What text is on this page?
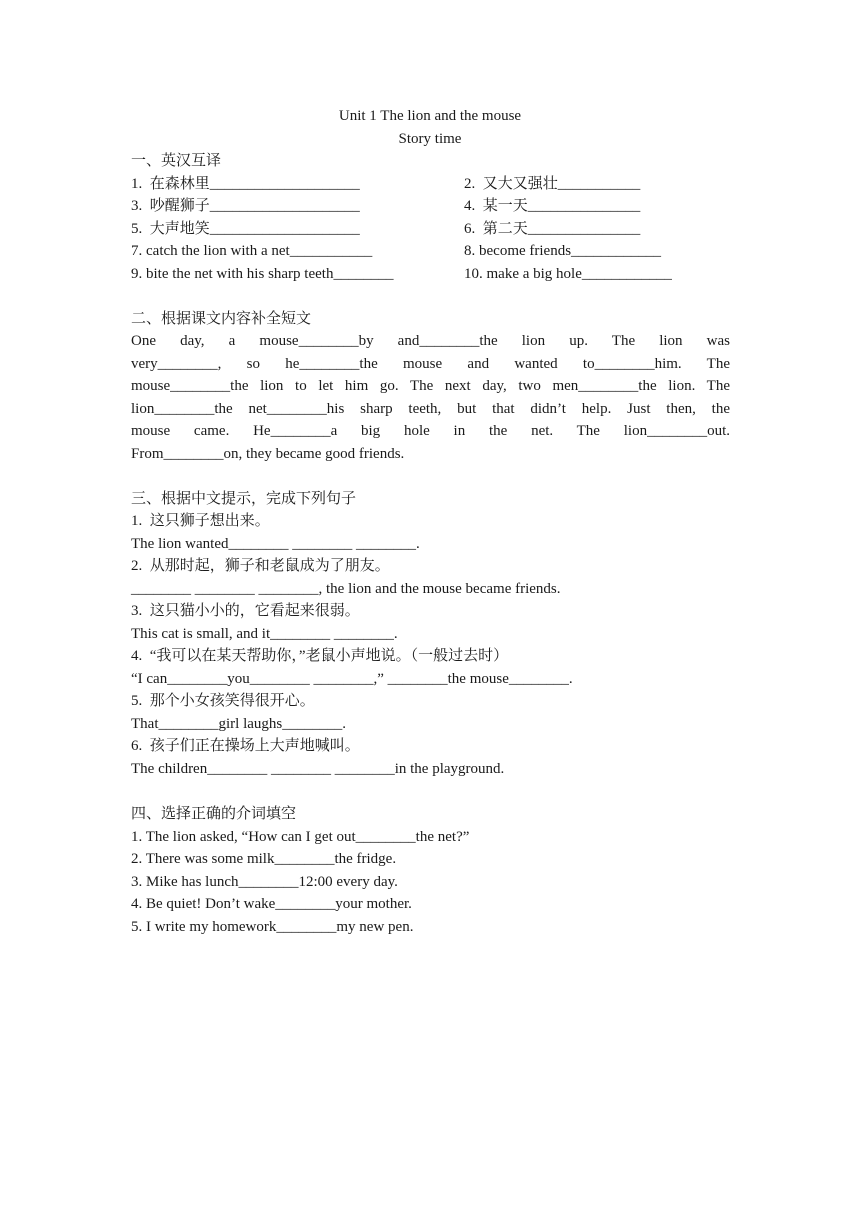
Unit 1 The lion and the mouse
Story time
一、英汉互译
1.  在森林里____________________	2.  又大又强壮___________
3.  吵醒狮子____________________	4.  某一天_______________
5.  大声地笑____________________	6.  第二天_______________
7. catch the lion with a net___________	8. become friends____________
9. bite the net with his sharp teeth________	10. make a big hole____________
二、根据课文内容补全短文
One day, a mouse________by and________the lion up. The lion was
very________, so he________the mouse and wanted to________him. The
mouse________the lion to let him go. The next day, two men________the lion. The
lion________the net________his sharp teeth, but that didn’t help. Just then, the
mouse came. He________a big hole in the net. The lion________out.
From________on, they became good friends.
三、根据中文提示，完成下列句子
1.  这只狮子想出来。
The lion wanted________ ________ ________.
2.  从那时起，狮子和老鼠成为了朋友。
________ ________ ________, the lion and the mouse became friends.
3.  这只猫小小的，它看起来很弱。
This cat is small, and it________ ________.
4.  “我可以在某天帮助你，”老鼠小声地说。（一般过去时）
“I can________you________ ________,” ________the mouse________.
5.  那个小女孩笑得很开心。
That________girl laughs________.
6.  孩子们正在操场上大声地喊叫。
The children________ ________ ________in the playground.
四、选择正确的介词填空
1. The lion asked, “How can I get out________the net?”
2. There was some milk________the fridge.
3. Mike has lunch________12:00 every day.
4. Be quiet! Don’t wake________your mother.
5. I write my homework________my new pen.
